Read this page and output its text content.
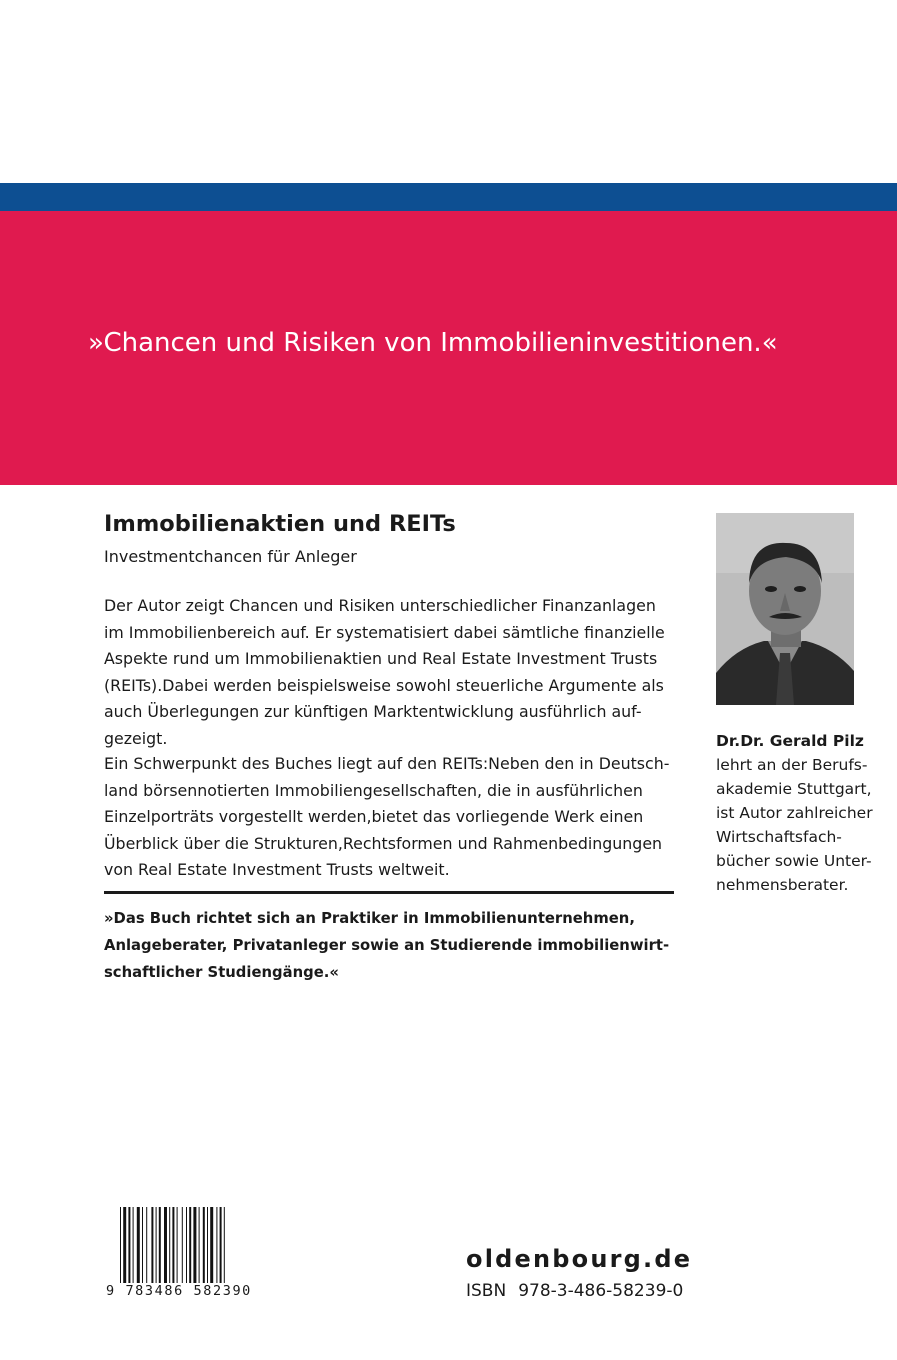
»Chancen und Risiken von Immobilieninvestitionen.«
Immobilienaktien und REITs
Investmentchancen für Anleger
Der Autor zeigt Chancen und Risiken unterschiedlicher Finanzanlagen
im Immobilienbereich auf. Er systematisiert dabei sämtliche finanzielle
Aspekte rund um Immobilienaktien und Real Estate Investment Trusts
(REITs).Dabei werden beispielsweise sowohl steuerliche Argumente als
auch Überlegungen zur künftigen Marktentwicklung ausführlich auf-
gezeigt.
Ein Schwerpunkt des Buches liegt auf den REITs:Neben den in Deutsch-
land börsennotierten Immobiliengesellschaften, die in ausführlichen
Einzelporträts vorgestellt werden,bietet das vorliegende Werk einen
Überblick über die Strukturen,Rechtsformen und Rahmenbedingungen
von Real Estate Investment Trusts weltweit.
»Das Buch richtet sich an Praktiker in Immobilienunternehmen,
Anlageberater, Privatanleger sowie an Studierende immobilienwirt-
schaftlicher Studiengänge.«
Dr.Dr. Gerald Pilz
lehrt an der Berufs-
akademie Stuttgart,
ist Autor zahlreicher
Wirtschaftsfach-
bücher sowie Unter-
nehmensberater.
9 783486 582390
oldenbourg.de
ISBN 978-3-486-58239-0
